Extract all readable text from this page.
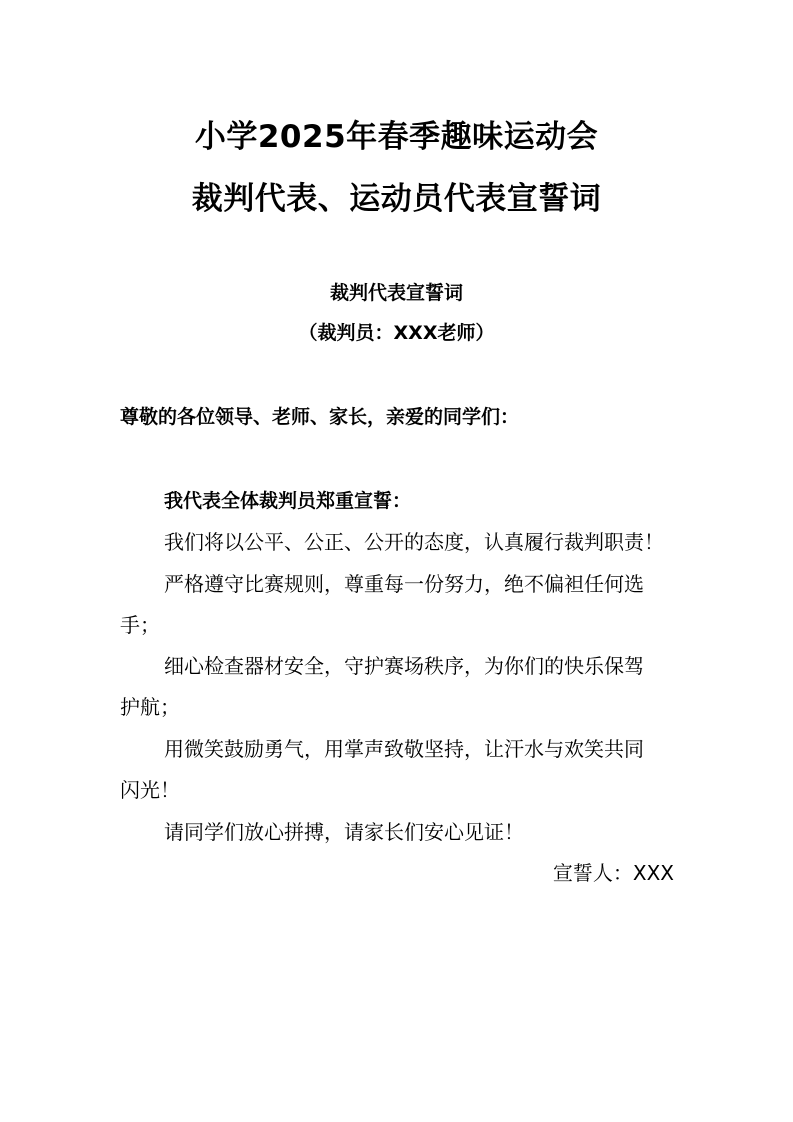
小学2025年春季趣味运动会
裁判代表、运动员代表宣誓词
裁判代表宣誓词
（裁判员：XXX老师）
尊敬的各位领导、老师、家长，亲爱的同学们：
我代表全体裁判员郑重宣誓：
我们将以公平、公正、公开的态度，认真履行裁判职责！
严格遵守比赛规则，尊重每一份努力，绝不偏袒任何选
手；
细心检查器材安全，守护赛场秩序，为你们的快乐保驾
护航；
用微笑鼓励勇气，用掌声致敬坚持，让汗水与欢笑共同
闪光！
请同学们放心拼搏，请家长们安心见证！
宣誓人：XXX
